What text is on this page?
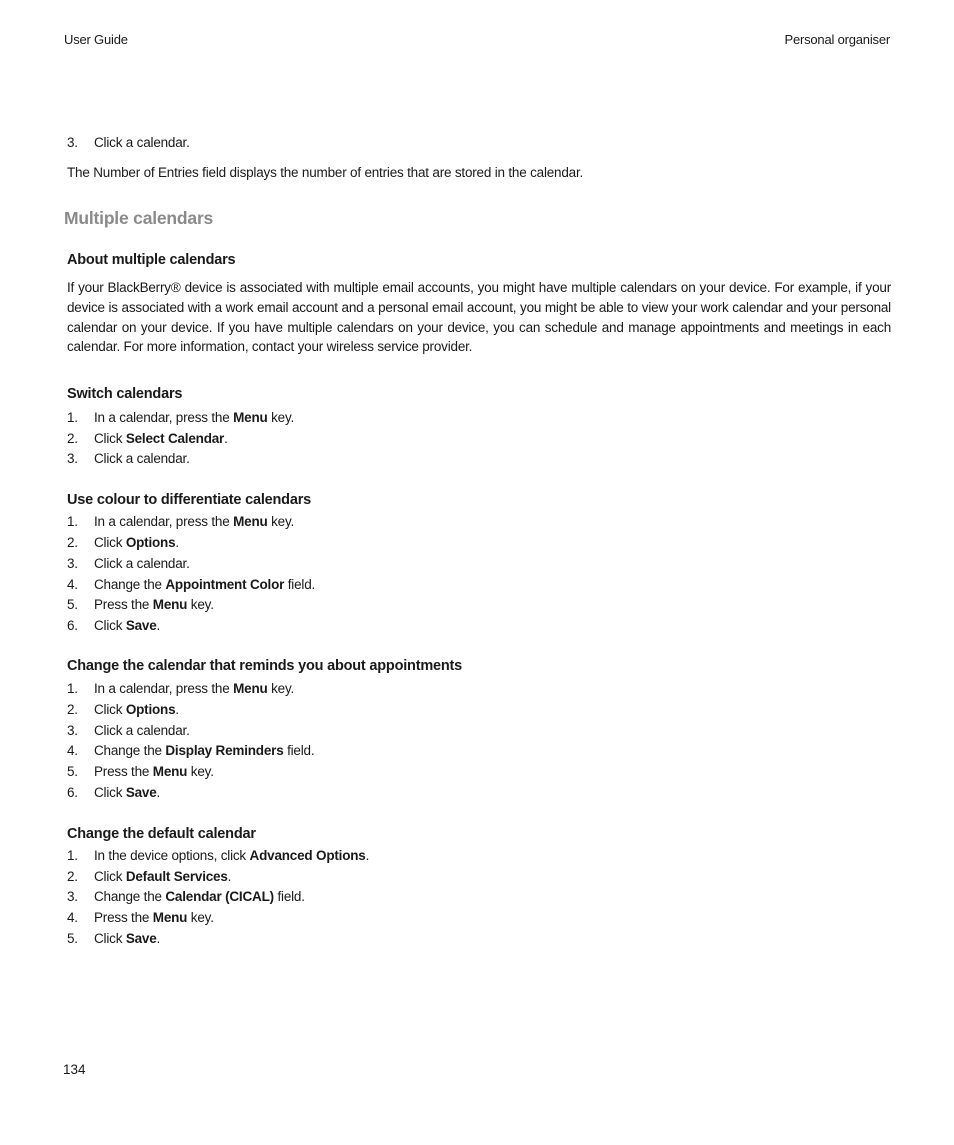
User Guide	Personal organiser
3.	Click a calendar.

The Number of Entries field displays the number of entries that are stored in the calendar.

Multiple calendars
About multiple calendars

If your BlackBerry® device is associated with multiple email accounts, you might have multiple calendars on your device. For example, if your device is associated with a work email account and a personal email account, you might be able to view your work calendar and your personal calendar on your device. If you have multiple calendars on your device, you can schedule and manage appointments and meetings in each calendar. For more information, contact your wireless service provider.

Switch calendars
1.	In a calendar, press the Menu key.
2.	Click Select Calendar.
3.	Click a calendar.
Use colour to differentiate calendars
1.	In a calendar, press the Menu key.
2.	Click Options.
3.	Click a calendar.
4.	Change the Appointment Color field.
5.	Press the Menu key.
6.	Click Save.
Change the calendar that reminds you about appointments
1.	In a calendar, press the Menu key.
2.	Click Options.
3.	Click a calendar.
4.	Change the Display Reminders field.
5.	Press the Menu key.
6.	Click Save.
Change the default calendar
1.	In the device options, click Advanced Options.
2.	Click Default Services.
3.	Change the Calendar (CICAL) field.
4.	Press the Menu key.
5.	Click Save.
134
